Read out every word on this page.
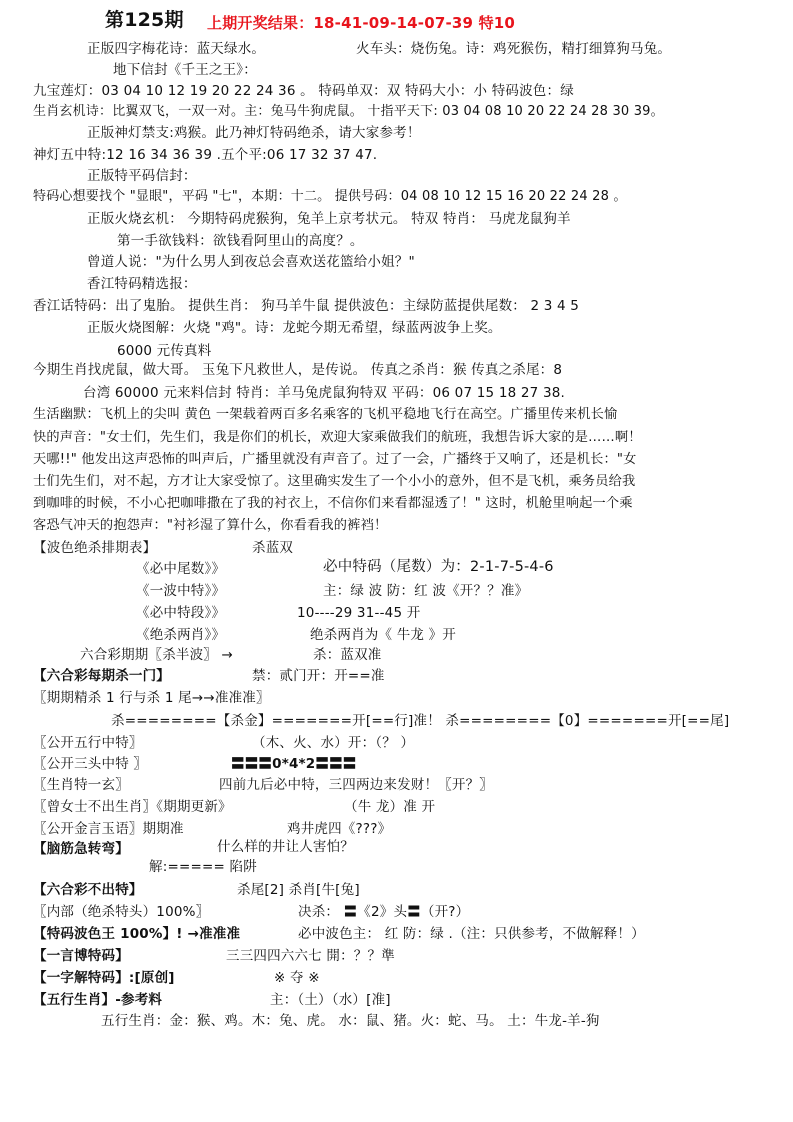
第125期 上期开奖结果：18-41-09-14-07-39 特10
正版四字梅花诗：蓝天绿水。	火车头：烧伤兔。诗：鸡死猴伤，精打细算狗马兔。
地下信封《千王之王》：
九宝莲灯：03 04 10 12 19 20 22 24 36 。 特码单双：双 特码大小：小 特码波色：绿
生肖玄机诗：比翼双飞，一双一对。主：兔马牛狗虎鼠。 十指平天下: 03 04 08 10 20 22 24 28 30 39。
正版神灯禁支:鸡猴。此乃神灯特码绝杀，请大家参考！
神灯五中特:12 16 34 36 39 .五个平:06 17 32 37 47.
正版特平码信封：
特码心想要找个 "显眼"，平码 "七"，本期：十二。 提供号码：04 08 10 12 15 16 20 22 24 28 。
正版火烧玄机： 今期特码虎猴狗，兔羊上京考状元。 特双 特肖： 马虎龙鼠狗羊
第一手欲钱料：欲钱看阿里山的高度？。
曾道人说："为什么男人到夜总会喜欢送花篮给小姐？"
香江特码精选报：
香江话特码：出了鬼胎。 提供生肖： 狗马羊牛鼠 提供波色：主绿防蓝提供尾数： 2 3 4 5
正版火烧图解：火烧 "鸡"。诗：龙蛇今期无希望，绿蓝两波争上奖。
6000 元传真料
今期生肖找虎鼠，做大哥。 玉兔下凡救世人，是传说。 传真之杀肖：猴 传真之杀尾：8
台湾 60000 元来料信封 特肖：羊马兔虎鼠狗特双 平码：06 07 15 18 27 38.
生活幽默：飞机上的尖叫 黄色 一架载着两百多名乘客的飞机平稳地飞行在高空。广播里传来机长愉
快的声音："女士们，先生们，我是你们的机长，欢迎大家乘做我们的航班，我想告诉大家的是……啊！
天哪!!" 他发出这声恐怖的叫声后，广播里就没有声音了。过了一会，广播终于又响了，还是机长："女
士们先生们，对不起，方才让大家受惊了。这里确实发生了一个小小的意外，但不是飞机，乘务员给我
到咖啡的时候，不小心把咖啡撒在了我的衬衣上，不信你们来看都湿透了！" 这时，机舱里响起一个乘
客恐气冲天的抱怨声："衬衫湿了算什么，你看看我的裤裆！
【波色绝杀排期表】	杀蓝双
《必中尾数》》	必中特码（尾数）为：2-1-7-5-4-6
《一波中特》》	主：绿 波 防：红 波《开？？准》
《必中特段》》	10----29 31--45 开
《绝杀两肖》》	绝杀两肖为《 牛龙 》开
六合彩期期〖杀半波〗 →	杀：蓝双准
【六合彩每期杀一门】	禁：贰门开：开==准
〖期期精杀 1 行与杀 1 尾→→准准准〗
杀========【杀金】=======开[==行]准！ 杀========【0】=======开[==尾]
〖公开五行中特〗	（木、火、水）开：（？ ）
〖公开三头中特 〗	〓〓〓0*4*2〓〓〓
〖生肖特一玄〗	四前九后必中特，三四两边来发财！〖开？〗
〖曾女士不出生肖〗《期期更新》	（牛 龙）准 开
〖公开金言玉语〗期期准	鸡井虎四《???》
【脑筋急转弯】	什么样的井让人害怕？
解:===== 陷阱
【六合彩不出特】	杀尾[2] 杀肖[牛[兔]
〖内部（绝杀特头）100%〗	决杀： 〓《2》头〓（开?）
【特码波色王 100%】! →准准准	必中波色主： 红 防：绿 .（注：只供参考，不做解释！）
【一言博特码】	三三四四六六七 開：？？準
【一字解特码】:[原创]	※ 夺 ※
【五行生肖】-参考料	主：（土）（水）[准]
五行生肖：金：猴、鸡。木：兔、虎。 水：鼠、猪。火：蛇、马。 土：牛龙-羊-狗
